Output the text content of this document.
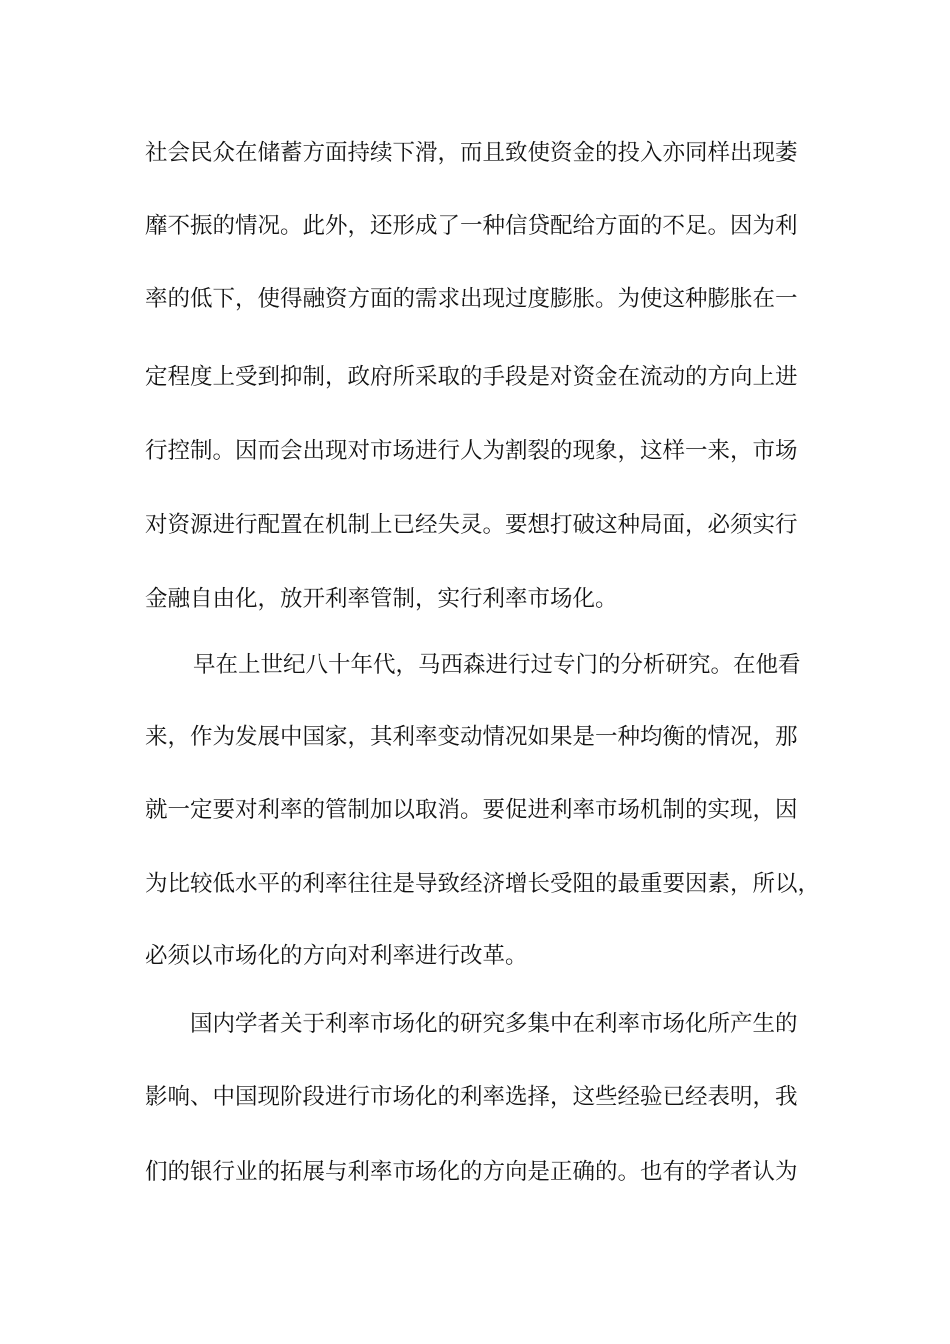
社会民众在储蓄方面持续下滑，而且致使资金的投入亦同样出现萎
靡不振的情况。此外，还形成了一种信贷配给方面的不足。因为利
率的低下，使得融资方面的需求出现过度膨胀。为使这种膨胀在一
定程度上受到抑制，政府所采取的手段是对资金在流动的方向上进
行控制。因而会出现对市场进行人为割裂的现象，这样一来，市场
对资源进行配置在机制上已经失灵。要想打破这种局面，必须实行
金融自由化，放开利率管制，实行利率市场化。
早在上世纪八十年代，马西森进行过专门的分析研究。在他看
来，作为发展中国家，其利率变动情况如果是一种均衡的情况，那
就一定要对利率的管制加以取消。要促进利率市场机制的实现，因
为比较低水平的利率往往是导致经济增长受阻的最重要因素，所以，
必须以市场化的方向对利率进行改革。
国内学者关于利率市场化的研究多集中在利率市场化所产生的
影响、中国现阶段进行市场化的利率选择，这些经验已经表明，我
们的银行业的拓展与利率市场化的方向是正确的。也有的学者认为
